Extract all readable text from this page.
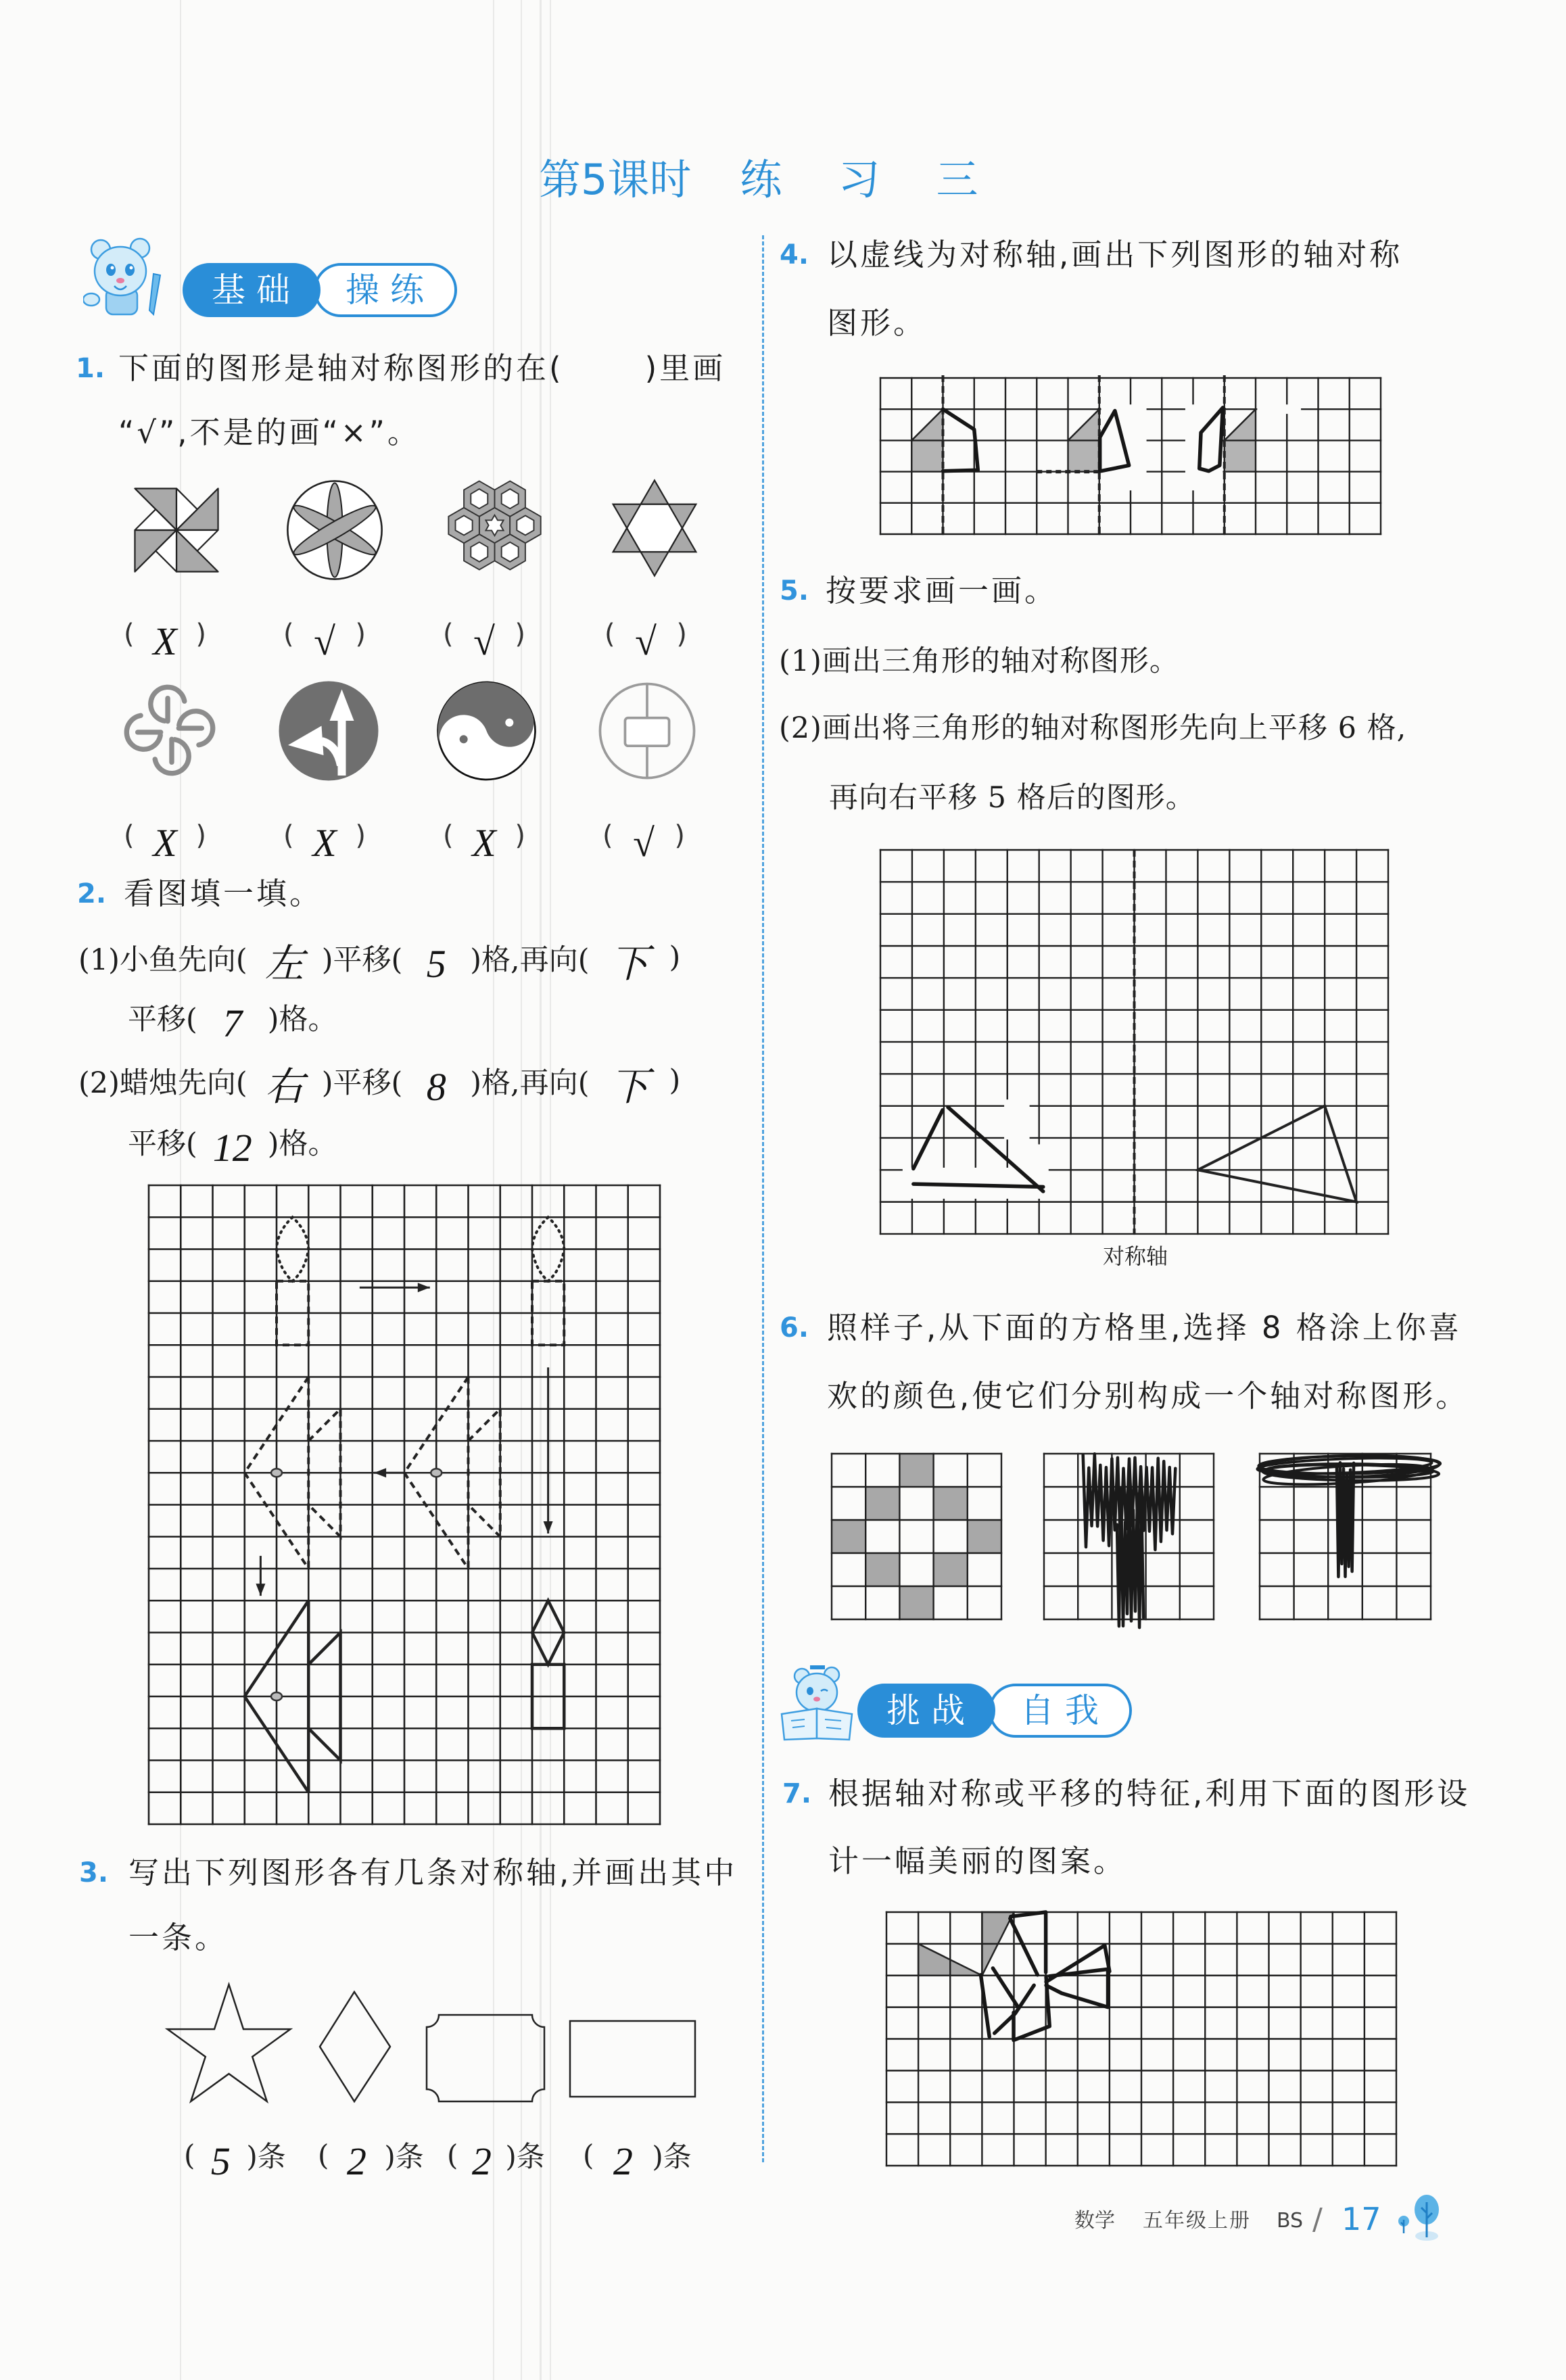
第5课时 练习三
基础	操练
1. 下面的图形是轴对称图形的在(	)里画
“√”,不是的画“×”。
( X )	( √ )	( √ )	( √ )
( X )	( X )	( X )	( √ )
2. 看图填一填。
(1)小鱼先向( 左 )平移( 5 )格,再向( 下 )
平移( 7 )格。
(2)蜡烛先向( 右 )平移( 8 )格,再向( 下 )
平移( 12 )格。
3. 写出下列图形各有几条对称轴,并画出其中
一条。
( 5 )条 ( 2 )条 ( 2 )条 ( 2 )条
4. 以虚线为对称轴,画出下列图形的轴对称
图形。
5. 按要求画一画。
(1)画出三角形的轴对称图形。
(2)画出将三角形的轴对称图形先向上平移 6 格,
再向右平移 5 格后的图形。
对称轴
6. 照样子,从下面的方格里,选择 8 格涂上你喜
欢的颜色,使它们分别构成一个轴对称图形。
挑战	自我
7. 根据轴对称或平移的特征,利用下面的图形设
计一幅美丽的图案。
数学 五年级上册 BS / 17
